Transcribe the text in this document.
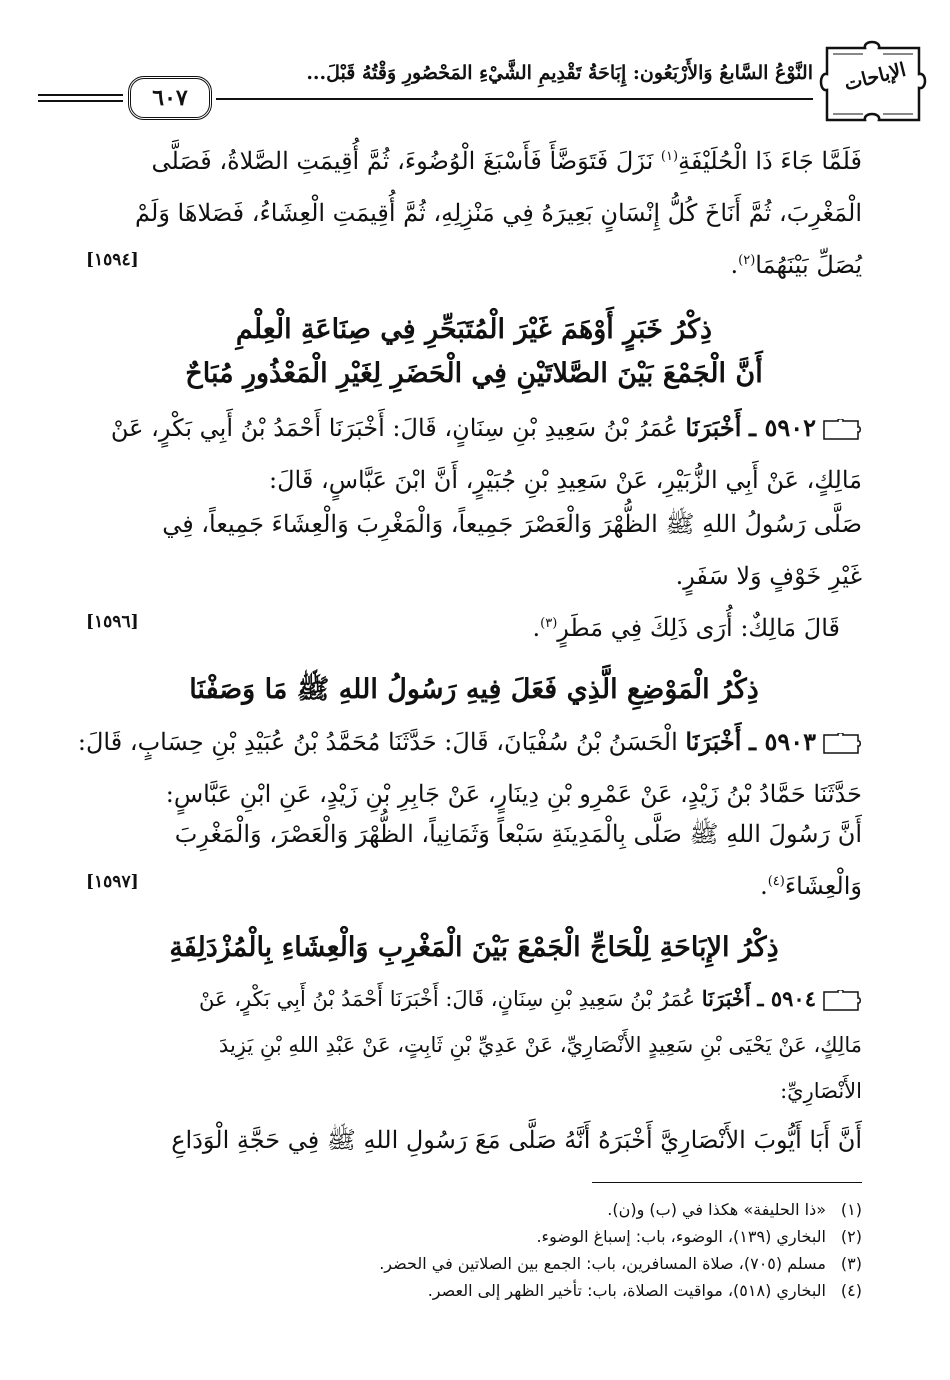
الإباحات
النَّوْعُ السَّابعُ وَالأَرْبَعُون: إِبَاحَةُ تَقْدِيمِ الشَّيْءِ المَحْصُورِ وَقْتُهُ قَبْلَ...
٦٠٧
فَلَمَّا جَاءَ ذَا الْحُلَيْفَةِ$^{(١)}$ نَزَلَ فَتَوَضَّأَ فَأَسْبَغَ الْوُضُوءَ، ثُمَّ أُقِيمَتِ الصَّلاةُ، فَصَلَّى
الْمَغْرِبَ، ثُمَّ أَنَاخَ كُلُّ إِنْسَانٍ بَعِيرَهُ فِي مَنْزِلِهِ، ثُمَّ أُقِيمَتِ الْعِشَاءُ، فَصَلاهَا وَلَمْ
يُصَلِّ بَيْنَهُمَا$^{(٢)}$.
[١٥٩٤]
ذِكْرُ خَبَرٍ أَوْهَمَ غَيْرَ الْمُتَبَحِّرِ فِي صِنَاعَةِ الْعِلْمِ
أَنَّ الْجَمْعَ بَيْنَ الصَّلاتَيْنِ فِي الْحَضَرِ لِغَيْرِ الْمَعْذُورِ مُبَاحٌ
٥٩٠٢ ـ أَخْبَرَنَا عُمَرُ بْنُ سَعِيدِ بْنِ سِنَانٍ، قَالَ: أَخْبَرَنَا أَحْمَدُ بْنُ أَبِي بَكْرٍ، عَنْ
مَالِكٍ، عَنْ أَبِي الزُّبَيْرِ، عَنْ سَعِيدِ بْنِ جُبَيْرٍ، أَنَّ ابْنَ عَبَّاسٍ، قَالَ:
صَلَّى رَسُولُ اللهِ ﷺ الظُّهْرَ وَالْعَصْرَ جَمِيعاً، وَالْمَغْرِبَ وَالْعِشَاءَ جَمِيعاً، فِي
غَيْرِ خَوْفٍ وَلا سَفَرٍ.
قَالَ مَالِكٌ: أُرَى ذَلِكَ فِي مَطَرٍ$^{(٣)}$.
[١٥٩٦]
ذِكْرُ الْمَوْضِعِ الَّذِي فَعَلَ فِيهِ رَسُولُ اللهِ ﷺ مَا وَصَفْنَا
٥٩٠٣ ـ أَخْبَرَنَا الْحَسَنُ بْنُ سُفْيَانَ، قَالَ: حَدَّثَنَا مُحَمَّدُ بْنُ عُبَيْدِ بْنِ حِسَابٍ، قَالَ:
حَدَّثَنَا حَمَّادُ بْنُ زَيْدٍ، عَنْ عَمْرِو بْنِ دِينَارٍ، عَنْ جَابِرِ بْنِ زَيْدٍ، عَنِ ابْنِ عَبَّاسٍ:
أَنَّ رَسُولَ اللهِ ﷺ صَلَّى بِالْمَدِينَةِ سَبْعاً وَثَمَانِياً، الظُّهْرَ وَالْعَصْرَ، وَالْمَغْرِبَ
وَالْعِشَاءَ$^{(٤)}$.
[١٥٩٧]
ذِكْرُ الإِبَاحَةِ لِلْحَاجِّ الْجَمْعَ بَيْنَ الْمَغْرِبِ وَالْعِشَاءِ بِالْمُزْدَلِفَةِ
٥٩٠٤ ـ أَخْبَرَنَا عُمَرُ بْنُ سَعِيدِ بْنِ سِنَانٍ، قَالَ: أَخْبَرَنَا أَحْمَدُ بْنُ أَبِي بَكْرٍ، عَنْ
مَالِكٍ، عَنْ يَحْيَى بْنِ سَعِيدٍ الأَنْصَارِيِّ، عَنْ عَدِيِّ بْنِ ثَابِتٍ، عَنْ عَبْدِ اللهِ بْنِ يَزِيدَ
الأَنْصَارِيِّ:
أَنَّ أَبَا أَيُّوبَ الأَنْصَارِيَّ أَخْبَرَهُ أَنَّهُ صَلَّى مَعَ رَسُولِ اللهِ ﷺ فِي حَجَّةِ الْوَدَاعِ
(١)«ذا الحليفة» هكذا في (ب) و(ن).
(٢)البخاري (١٣٩)، الوضوء، باب: إسباغ الوضوء.
(٣)مسلم (٧٠٥)، صلاة المسافرين، باب: الجمع بين الصلاتين في الحضر.
(٤)البخاري (٥١٨)، مواقيت الصلاة، باب: تأخير الظهر إلى العصر.
